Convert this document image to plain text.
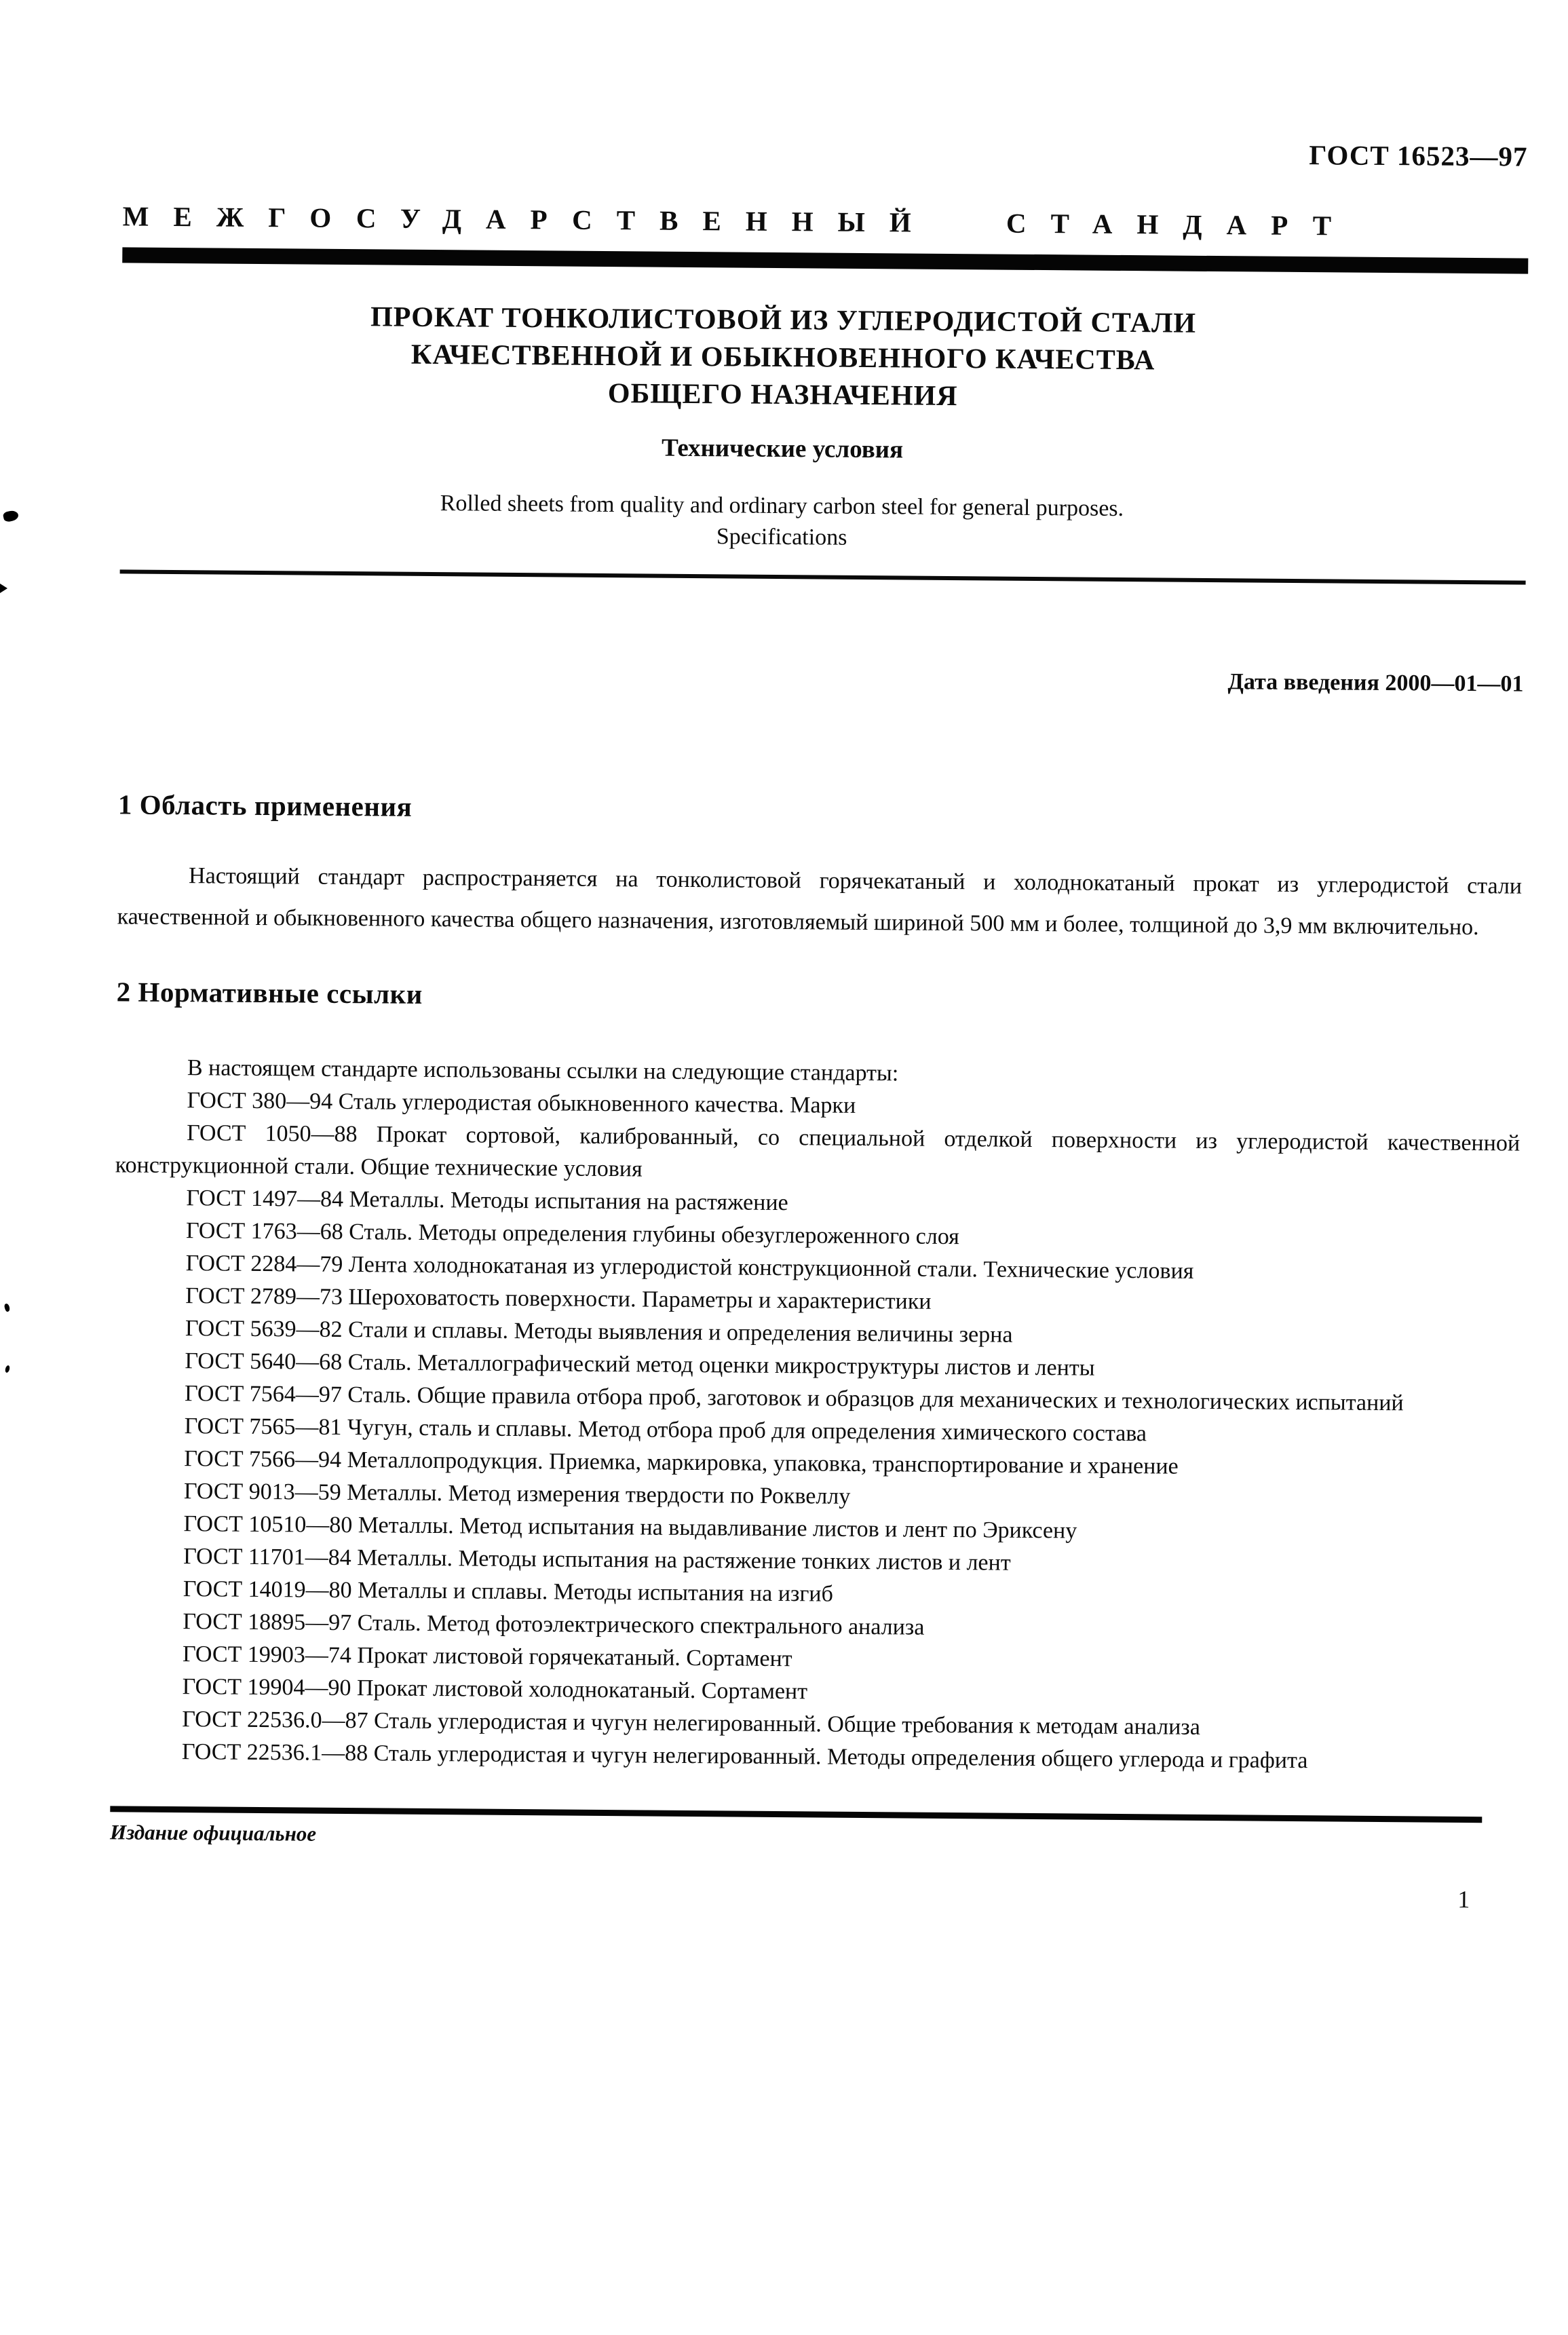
ГОСТ 16523—97
МЕЖГОСУДАРСТВЕННЫЙ СТАНДАРТ
ПРОКАТ ТОНКОЛИСТОВОЙ ИЗ УГЛЕРОДИСТОЙ СТАЛИ
КАЧЕСТВЕННОЙ И ОБЫКНОВЕННОГО КАЧЕСТВА
ОБЩЕГО НАЗНАЧЕНИЯ
Технические условия
Rolled sheets from quality and ordinary carbon steel for general purposes.
Specifications
Дата введения 2000—01—01
1 Область применения

Настоящий стандарт распространяется на тонколистовой горячекатаный и холоднокатаный прокат из углеродистой стали качественной и обыкновенного качества общего назначения, изготовляемый шириной 500 мм и более, толщиной до 3,9 мм включительно.

2 Нормативные ссылки

В настоящем стандарте использованы ссылки на следующие стандарты:

ГОСТ 380—94 Сталь углеродистая обыкновенного качества. Марки

ГОСТ 1050—88 Прокат сортовой, калиброванный, со специальной отделкой поверхности из углеродистой качественной конструкционной стали. Общие технические условия

ГОСТ 1497—84 Металлы. Методы испытания на растяжение

ГОСТ 1763—68 Сталь. Методы определения глубины обезуглероженного слоя

ГОСТ 2284—79 Лента холоднокатаная из углеродистой конструкционной стали. Технические условия

ГОСТ 2789—73 Шероховатость поверхности. Параметры и характеристики

ГОСТ 5639—82 Стали и сплавы. Методы выявления и определения величины зерна

ГОСТ 5640—68 Сталь. Металлографический метод оценки микроструктуры листов и ленты

ГОСТ 7564—97 Сталь. Общие правила отбора проб, заготовок и образцов для механических и технологических испытаний

ГОСТ 7565—81 Чугун, сталь и сплавы. Метод отбора проб для определения химического состава

ГОСТ 7566—94 Металлопродукция. Приемка, маркировка, упаковка, транспортирование и хранение

ГОСТ 9013—59 Металлы. Метод измерения твердости по Роквеллу

ГОСТ 10510—80 Металлы. Метод испытания на выдавливание листов и лент по Эриксену

ГОСТ 11701—84 Металлы. Методы испытания на растяжение тонких листов и лент

ГОСТ 14019—80 Металлы и сплавы. Методы испытания на изгиб

ГОСТ 18895—97 Сталь. Метод фотоэлектрического спектрального анализа

ГОСТ 19903—74 Прокат листовой горячекатаный. Сортамент

ГОСТ 19904—90 Прокат листовой холоднокатаный. Сортамент

ГОСТ 22536.0—87 Сталь углеродистая и чугун нелегированный. Общие требования к методам анализа

ГОСТ 22536.1—88 Сталь углеродистая и чугун нелегированный. Методы определения общего углерода и графита

Издание официальное
1
